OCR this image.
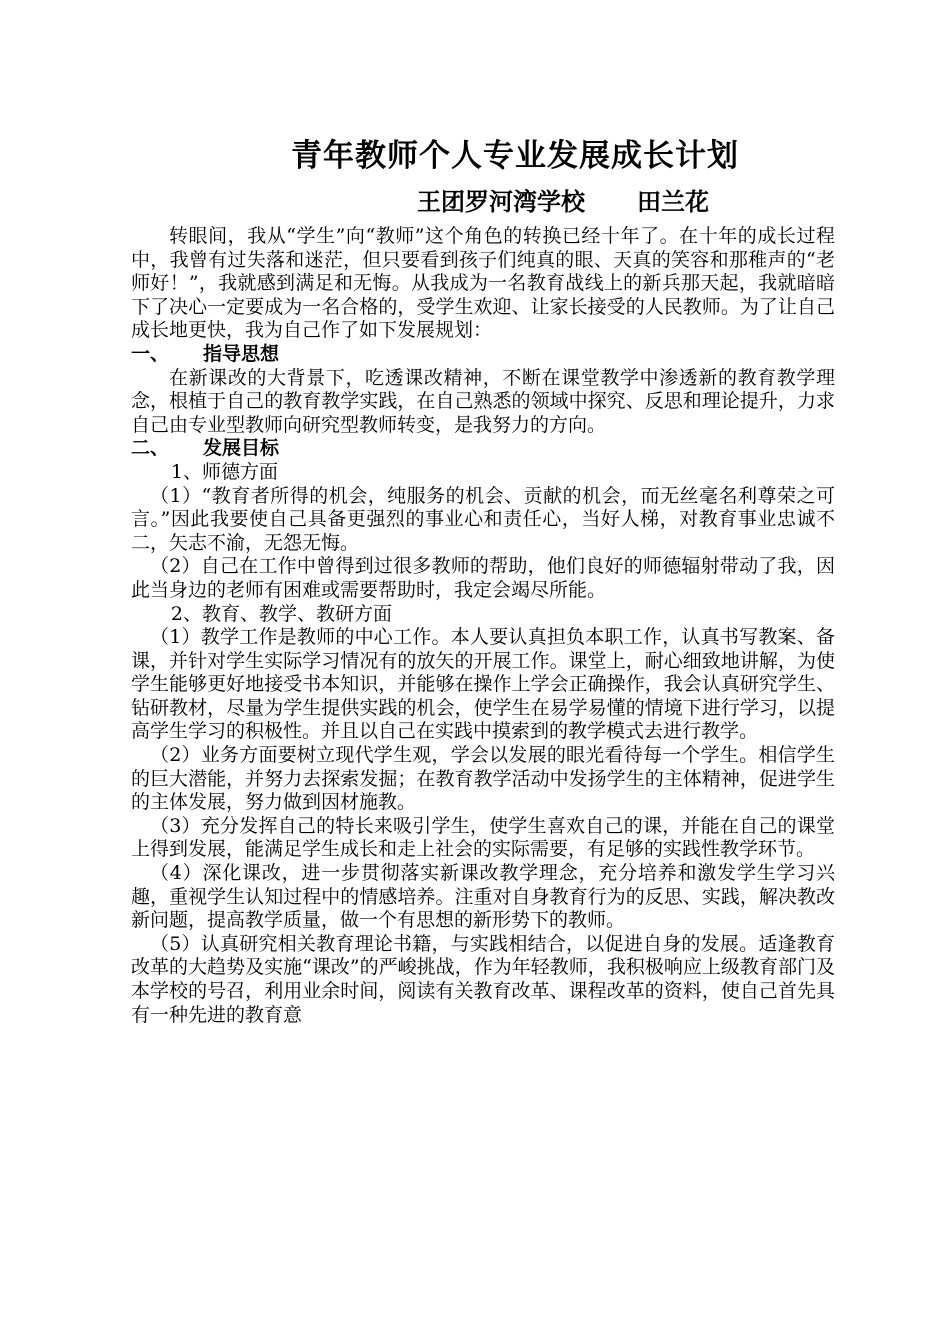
青年教师个人专业发展成长计划
王团罗河湾学校 田兰花

转眼间，我从“学生”向“教师”这个角色的转换已经十年了。在十年的成长过程中，我曾有过失落和迷茫，但只要看到孩子们纯真的眼、天真的笑容和那稚声的“老师好！”，我就感到满足和无悔。从我成为一名教育战线上的新兵那天起，我就暗暗下了决心一定要成为一名合格的，受学生欢迎、让家长接受的人民教师。为了让自己成长地更快，我为自己作了如下发展规划：

一、 指导思想

在新课改的大背景下，吃透课改精神，不断在课堂教学中渗透新的教育教学理念，根植于自己的教育教学实践，在自己熟悉的领域中探究、反思和理论提升，力求自己由专业型教师向研究型教师转变，是我努力的方向。

二、 发展目标

1、师德方面

（1）“教育者所得的机会，纯服务的机会、贡献的机会，而无丝毫名利尊荣之可言。”因此我要使自己具备更强烈的事业心和责任心，当好人梯，对教育事业忠诚不二，矢志不渝，无怨无悔。

（2）自己在工作中曾得到过很多教师的帮助，他们良好的师德辐射带动了我，因此当身边的老师有困难或需要帮助时，我定会竭尽所能。

2、教育、教学、教研方面

（1）教学工作是教师的中心工作。本人要认真担负本职工作，认真书写教案、备课，并针对学生实际学习情况有的放矢的开展工作。课堂上，耐心细致地讲解，为使学生能够更好地接受书本知识，并能够在操作上学会正确操作，我会认真研究学生、钻研教材，尽量为学生提供实践的机会，使学生在易学易懂的情境下进行学习，以提高学生学习的积极性。并且以自己在实践中摸索到的教学模式去进行教学。

（2）业务方面要树立现代学生观，学会以发展的眼光看待每一个学生。相信学生的巨大潜能，并努力去探索发掘；在教育教学活动中发扬学生的主体精神，促进学生的主体发展，努力做到因材施教。

（3）充分发挥自己的特长来吸引学生，使学生喜欢自己的课，并能在自己的课堂上得到发展，能满足学生成长和走上社会的实际需要，有足够的实践性教学环节。

（4）深化课改，进一步贯彻落实新课改教学理念，充分培养和激发学生学习兴趣，重视学生认知过程中的情感培养。注重对自身教育行为的反思、实践，解决教改新问题，提高教学质量，做一个有思想的新形势下的教师。

（5）认真研究相关教育理论书籍，与实践相结合，以促进自身的发展。适逢教育改革的大趋势及实施“课改”的严峻挑战，作为年轻教师，我积极响应上级教育部门及本学校的号召，利用业余时间，阅读有关教育改革、课程改革的资料，使自己首先具有一种先进的教育意
